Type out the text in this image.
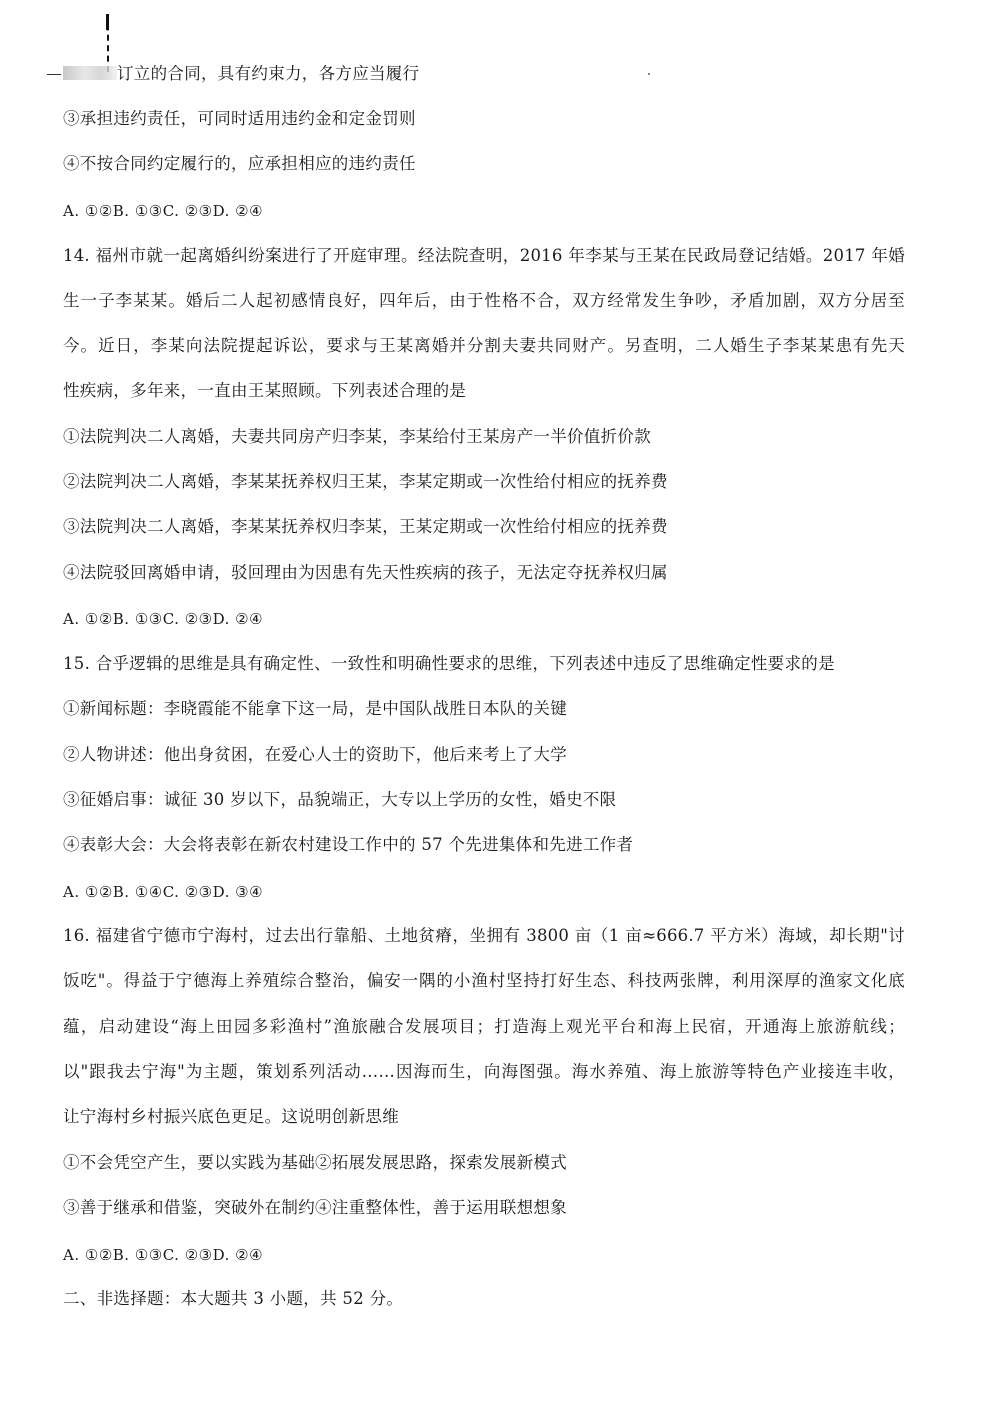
订立的合同，具有约束力，各方应当履行
③承担违约责任，可同时适用违约金和定金罚则
④不按合同约定履行的，应承担相应的违约责任
A. ①②B. ①③C. ②③D. ②④
14. 福州市就一起离婚纠纷案进行了开庭审理。经法院查明，2016 年李某与王某在民政局登记结婚。2017 年婚
生一子李某某。婚后二人起初感情良好，四年后，由于性格不合，双方经常发生争吵，矛盾加剧，双方分居至
今。近日，李某向法院提起诉讼，要求与王某离婚并分割夫妻共同财产。另查明，二人婚生子李某某患有先天
性疾病，多年来，一直由王某照顾。下列表述合理的是
①法院判决二人离婚，夫妻共同房产归李某，李某给付王某房产一半价值折价款
②法院判决二人离婚，李某某抚养权归王某，李某定期或一次性给付相应的抚养费
③法院判决二人离婚，李某某抚养权归李某，王某定期或一次性给付相应的抚养费
④法院驳回离婚申请，驳回理由为因患有先天性疾病的孩子，无法定夺抚养权归属
A. ①②B. ①③C. ②③D. ②④
15. 合乎逻辑的思维是具有确定性、一致性和明确性要求的思维，下列表述中违反了思维确定性要求的是
①新闻标题：李晓霞能不能拿下这一局，是中国队战胜日本队的关键
②人物讲述：他出身贫困，在爱心人士的资助下，他后来考上了大学
③征婚启事：诚征 30 岁以下，品貌端正，大专以上学历的女性，婚史不限
④表彰大会：大会将表彰在新农村建设工作中的 57 个先进集体和先进工作者
A. ①②B. ①④C. ②③D. ③④
16. 福建省宁德市宁海村，过去出行靠船、土地贫瘠，坐拥有 3800 亩（1 亩≈666.7 平方米）海域，却长期"讨
饭吃"。得益于宁德海上养殖综合整治，偏安一隅的小渔村坚持打好生态、科技两张牌，利用深厚的渔家文化底
蕴，启动建设“海上田园多彩渔村”渔旅融合发展项目；打造海上观光平台和海上民宿，开通海上旅游航线；
以"跟我去宁海"为主题，策划系列活动……因海而生，向海图强。海水养殖、海上旅游等特色产业接连丰收，
让宁海村乡村振兴底色更足。这说明创新思维
①不会凭空产生，要以实践为基础②拓展发展思路，探索发展新模式
③善于继承和借鉴，突破外在制约④注重整体性，善于运用联想想象
A. ①②B. ①③C. ②③D. ②④
二、非选择题：本大题共 3 小题，共 52 分。
